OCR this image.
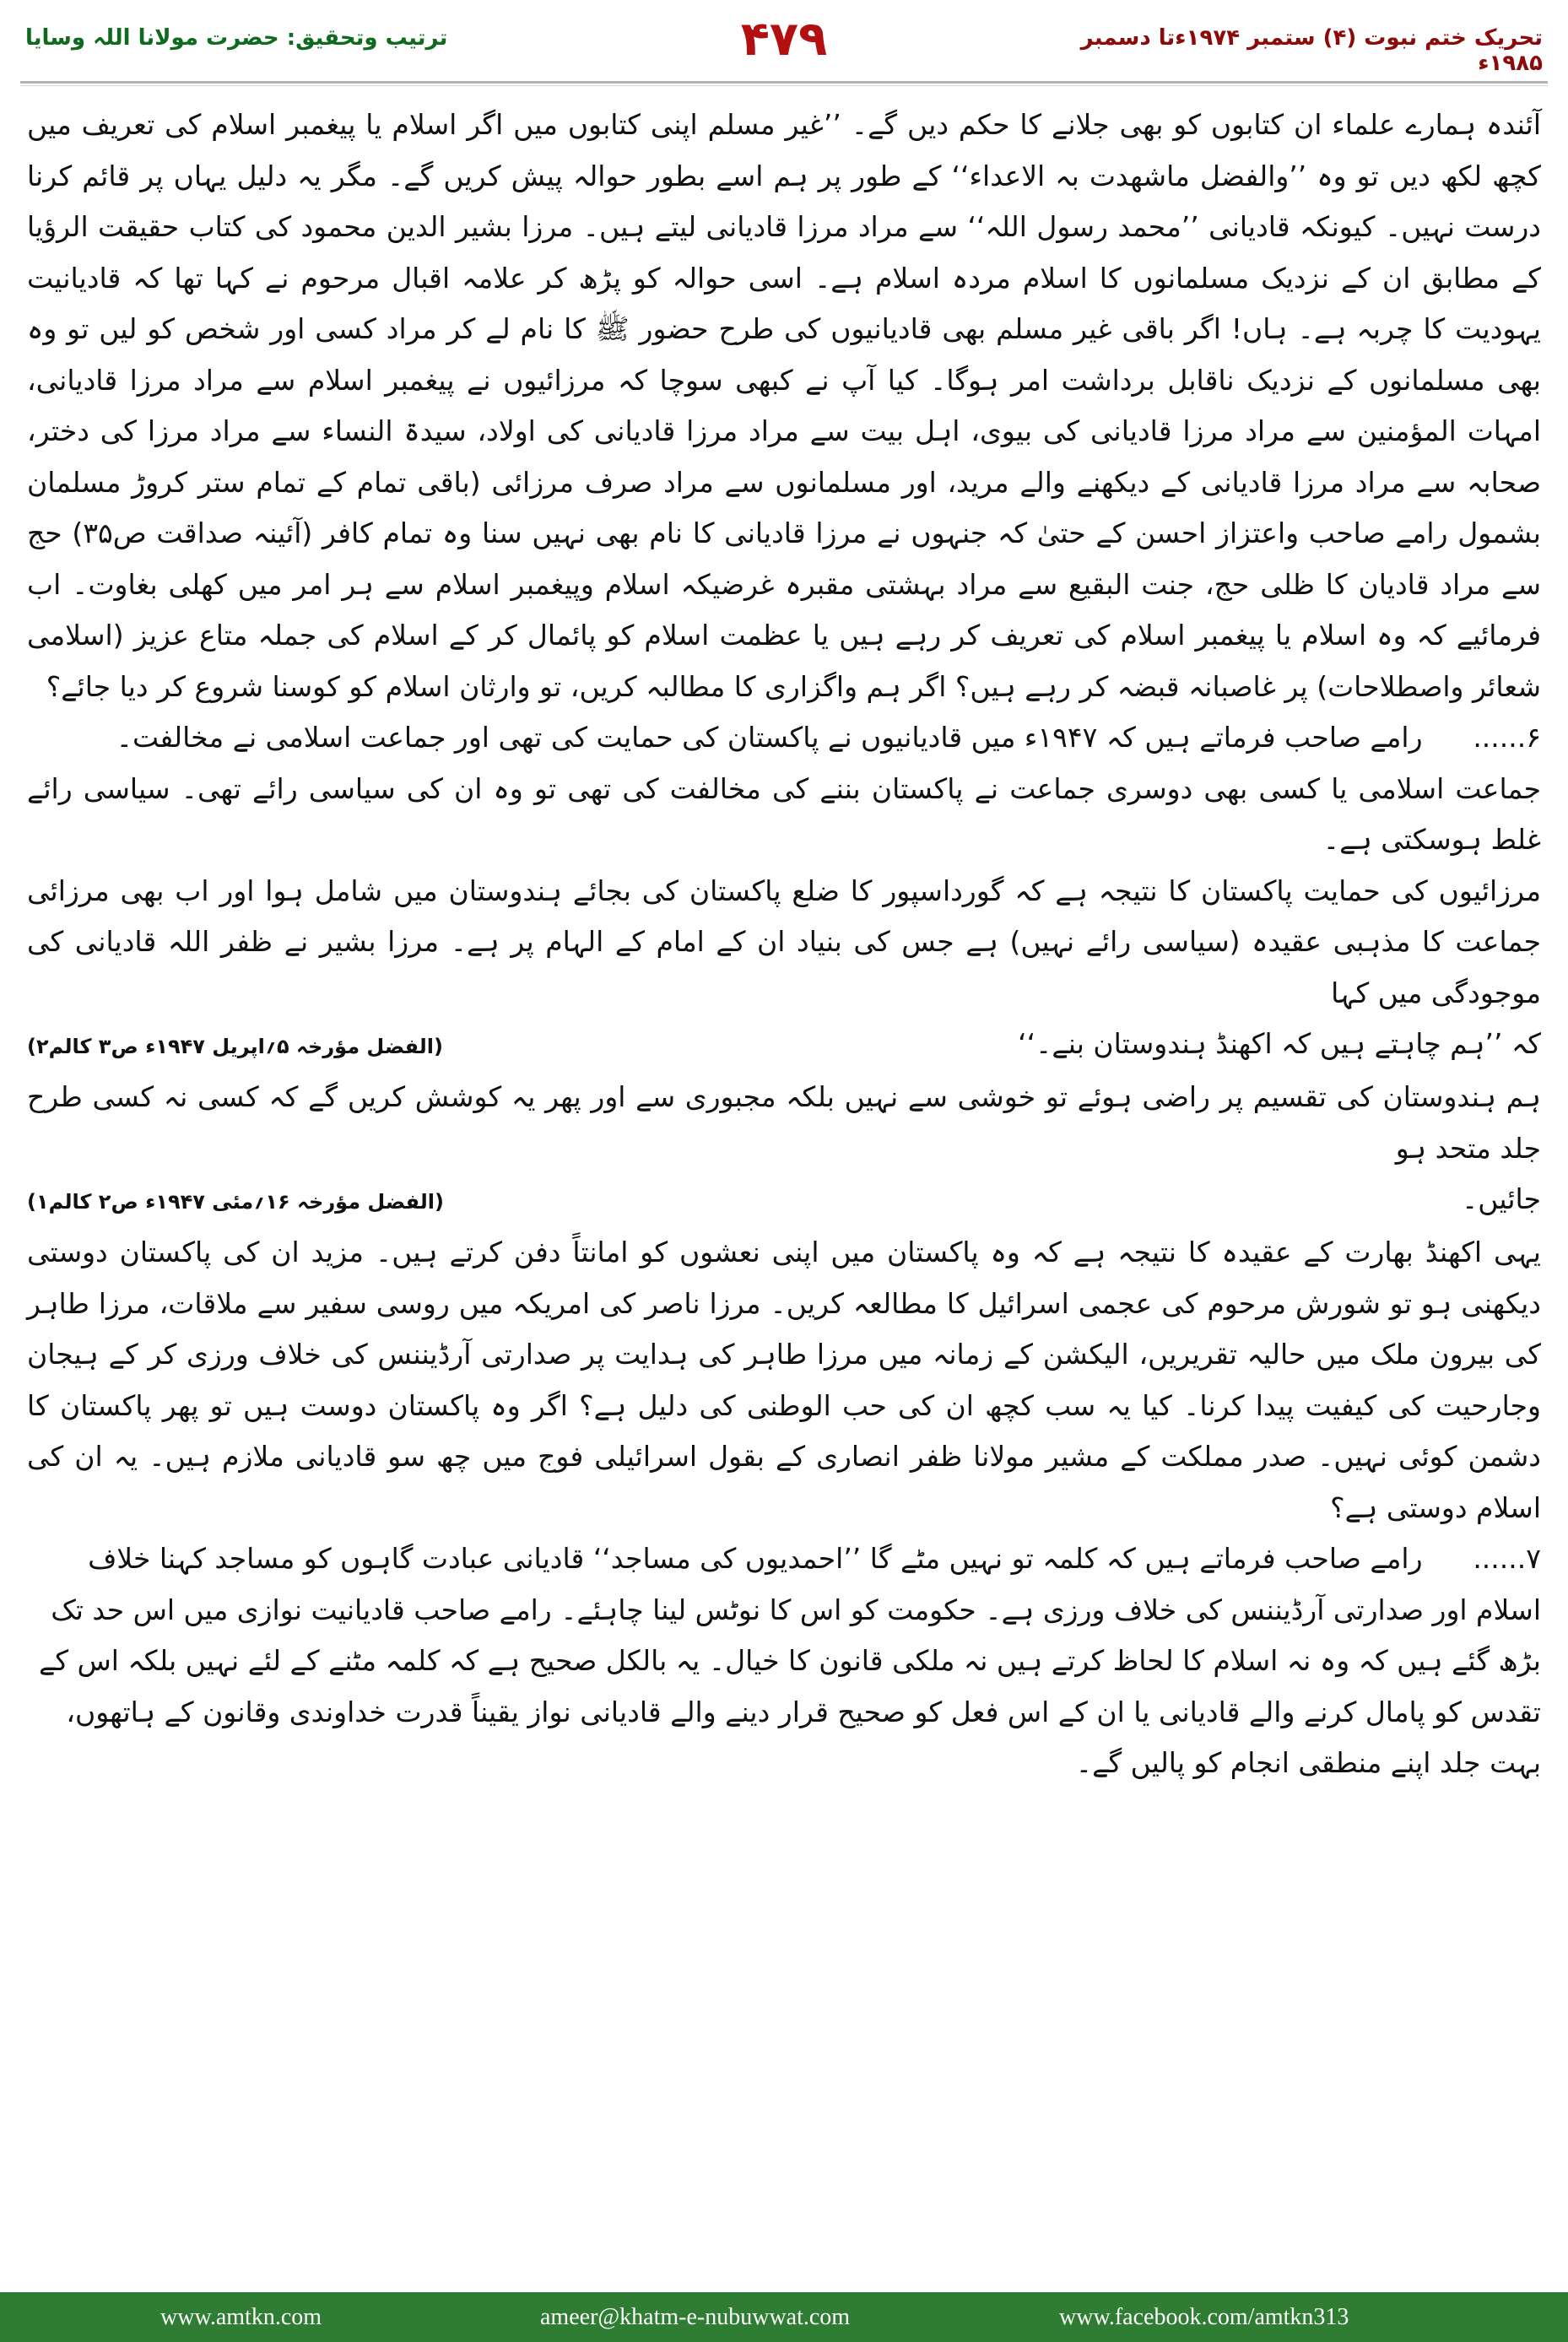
ترتیب وتحقیق: حضرت مولانا اللہ وسایا	۴۷۹	تحریک ختم نبوت (۴) ستمبر ۱۹۷۴ءتا دسمبر ۱۹۸۵ء

آئندہ ہمارے علماء ان کتابوں کو بھی جلانے کا حکم دیں گے۔ ’’غیر مسلم اپنی کتابوں میں اگر اسلام یا پیغمبر اسلام کی تعریف میں کچھ لکھ دیں تو وہ ’’والفضل ماشھدت بہ الاعداء‘‘ کے طور پر ہم اسے بطور حوالہ پیش کریں گے۔ مگر یہ دلیل یہاں پر قائم کرنا درست نہیں۔ کیونکہ قادیانی ’’محمد رسول اللہ‘‘ سے مراد مرزا قادیانی لیتے ہیں۔ مرزا بشیر الدین محمود کی کتاب حقیقت الرؤیا کے مطابق ان کے نزدیک مسلمانوں کا اسلام مردہ اسلام ہے۔ اسی حوالہ کو پڑھ کر علامہ اقبال مرحوم نے کہا تھا کہ قادیانیت یہودیت کا چربہ ہے۔ ہاں! اگر باقی غیر مسلم بھی قادیانیوں کی طرح حضور ﷺ کا نام لے کر مراد کسی اور شخص کو لیں تو وہ بھی مسلمانوں کے نزدیک ناقابل برداشت امر ہوگا۔ کیا آپ نے کبھی سوچا کہ مرزائیوں نے پیغمبر اسلام سے مراد مرزا قادیانی، امہات المؤمنین سے مراد مرزا قادیانی کی بیوی، اہل بیت سے مراد مرزا قادیانی کی اولاد، سیدۃ النساء سے مراد مرزا کی دختر، صحابہ سے مراد مرزا قادیانی کے دیکھنے والے مرید، اور مسلمانوں سے مراد صرف مرزائی (باقی تمام کے تمام ستر کروڑ مسلمان بشمول رامے صاحب واعتزاز احسن کے حتیٰ کہ جنہوں نے مرزا قادیانی کا نام بھی نہیں سنا وہ تمام کافر (آئینہ صداقت ص۳۵) حج سے مراد قادیان کا ظلی حج، جنت البقیع سے مراد بہشتی مقبرہ غرضیکہ اسلام وپیغمبر اسلام سے ہر امر میں کھلی بغاوت۔ اب فرمائیے کہ وہ اسلام یا پیغمبر اسلام کی تعریف کر رہے ہیں یا عظمت اسلام کو پائمال کر کے اسلام کی جملہ متاع عزیز (اسلامی شعائر واصطلاحات) پر غاصبانہ قبضہ کر رہے ہیں؟ اگر ہم واگزاری کا مطالبہ کریں، تو وارثان اسلام کو کوسنا شروع کر دیا جائے؟

۶...... رامے صاحب فرماتے ہیں کہ ۱۹۴۷ء میں قادیانیوں نے پاکستان کی حمایت کی تھی اور جماعت اسلامی نے مخالفت۔

جماعت اسلامی یا کسی بھی دوسری جماعت نے پاکستان بننے کی مخالفت کی تھی تو وہ ان کی سیاسی رائے تھی۔ سیاسی رائے غلط ہوسکتی ہے۔

مرزائیوں کی حمایت پاکستان کا نتیجہ ہے کہ گورداسپور کا ضلع پاکستان کی بجائے ہندوستان میں شامل ہوا اور اب بھی مرزائی جماعت کا مذہبی عقیدہ (سیاسی رائے نہیں) ہے جس کی بنیاد ان کے امام کے الہام پر ہے۔ مرزا بشیر نے ظفر اللہ قادیانی کی موجودگی میں کہا

کہ ’’ہم چاہتے ہیں کہ اکھنڈ ہندوستان بنے۔‘‘
(الفضل مؤرخہ ۵؍اپریل ۱۹۴۷ء ص۳ کالم۲)

ہم ہندوستان کی تقسیم پر راضی ہوئے تو خوشی سے نہیں بلکہ مجبوری سے اور پھر یہ کوشش کریں گے کہ کسی نہ کسی طرح جلد متحد ہو

جائیں۔
(الفضل مؤرخہ ۱۶؍مئی ۱۹۴۷ء ص۲ کالم۱)

یہی اکھنڈ بھارت کے عقیدہ کا نتیجہ ہے کہ وہ پاکستان میں اپنی نعشوں کو امانتاً دفن کرتے ہیں۔ مزید ان کی پاکستان دوستی دیکھنی ہو تو شورش مرحوم کی عجمی اسرائیل کا مطالعہ کریں۔ مرزا ناصر کی امریکہ میں روسی سفیر سے ملاقات، مرزا طاہر کی بیرون ملک میں حالیہ تقریریں، الیکشن کے زمانہ میں مرزا طاہر کی ہدایت پر صدارتی آرڈیننس کی خلاف ورزی کر کے ہیجان وجارحیت کی کیفیت پیدا کرنا۔ کیا یہ سب کچھ ان کی حب الوطنی کی دلیل ہے؟ اگر وہ پاکستان دوست ہیں تو پھر پاکستان کا دشمن کوئی نہیں۔ صدر مملکت کے مشیر مولانا ظفر انصاری کے بقول اسرائیلی فوج میں چھ سو قادیانی ملازم ہیں۔ یہ ان کی اسلام دوستی ہے؟

۷...... رامے صاحب فرماتے ہیں کہ کلمہ تو نہیں مٹے گا ’’احمدیوں کی مساجد‘‘ قادیانی عبادت گاہوں کو مساجد کہنا خلاف اسلام اور صدارتی آرڈیننس کی خلاف ورزی ہے۔ حکومت کو اس کا نوٹس لینا چاہئے۔ رامے صاحب قادیانیت نوازی میں اس حد تک بڑھ گئے ہیں کہ وہ نہ اسلام کا لحاظ کرتے ہیں نہ ملکی قانون کا خیال۔ یہ بالکل صحیح ہے کہ کلمہ مٹنے کے لئے نہیں بلکہ اس کے تقدس کو پامال کرنے والے قادیانی یا ان کے اس فعل کو صحیح قرار دینے والے قادیانی نواز یقیناً قدرت خداوندی وقانون کے ہاتھوں، بہت جلد اپنے منطقی انجام کو پالیں گے۔
www.amtkn.com	ameer@khatm-e-nubuwwat.com	www.facebook.com/amtkn313
